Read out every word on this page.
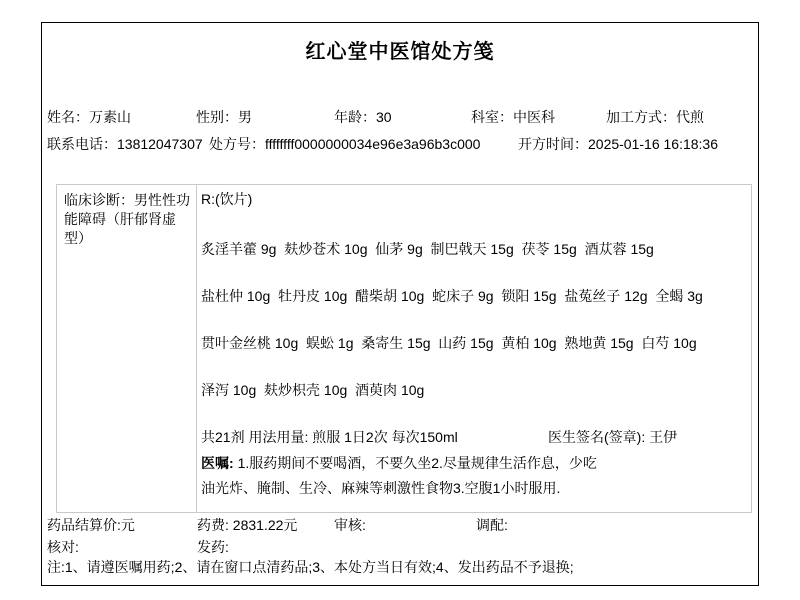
红心堂中医馆处方笺
姓名：万素山	性别：男	年龄：30	科室：中医科	加工方式：代煎
联系电话：13812047307 处方号：ffffffff0000000034e96e3a96b3c000	开方时间：2025-01-16 16:18:36
临床诊断：男性性功能障碍（肝郁肾虚型）
R:(饮片)
炙淫羊藿 9g  麸炒苍术 10g  仙茅 9g  制巴戟天 15g  茯苓 15g  酒苁蓉 15g
盐杜仲 10g  牡丹皮 10g  醋柴胡 10g  蛇床子 9g  锁阳 15g  盐菟丝子 12g  全蝎 3g
贯叶金丝桃 10g  蜈蚣 1g  桑寄生 15g  山药 15g  黄柏 10g  熟地黄 15g  白芍 10g
泽泻 10g  麸炒枳壳 10g  酒萸肉 10g
共21剂 用法用量: 煎服 1日2次 每次150ml	医生签名(签章): 王伊
医嘱: 1.服药期间不要喝酒，不要久坐2.尽量规律生活作息，少吃油光炸、腌制、生冷、麻辣等刺激性食物3.空腹1小时服用.
药品结算价:元	药费: 2831.22元	审核:	调配:
核对:	发药:
注:1、请遵医嘱用药;2、请在窗口点清药品;3、本处方当日有效;4、发出药品不予退换;
